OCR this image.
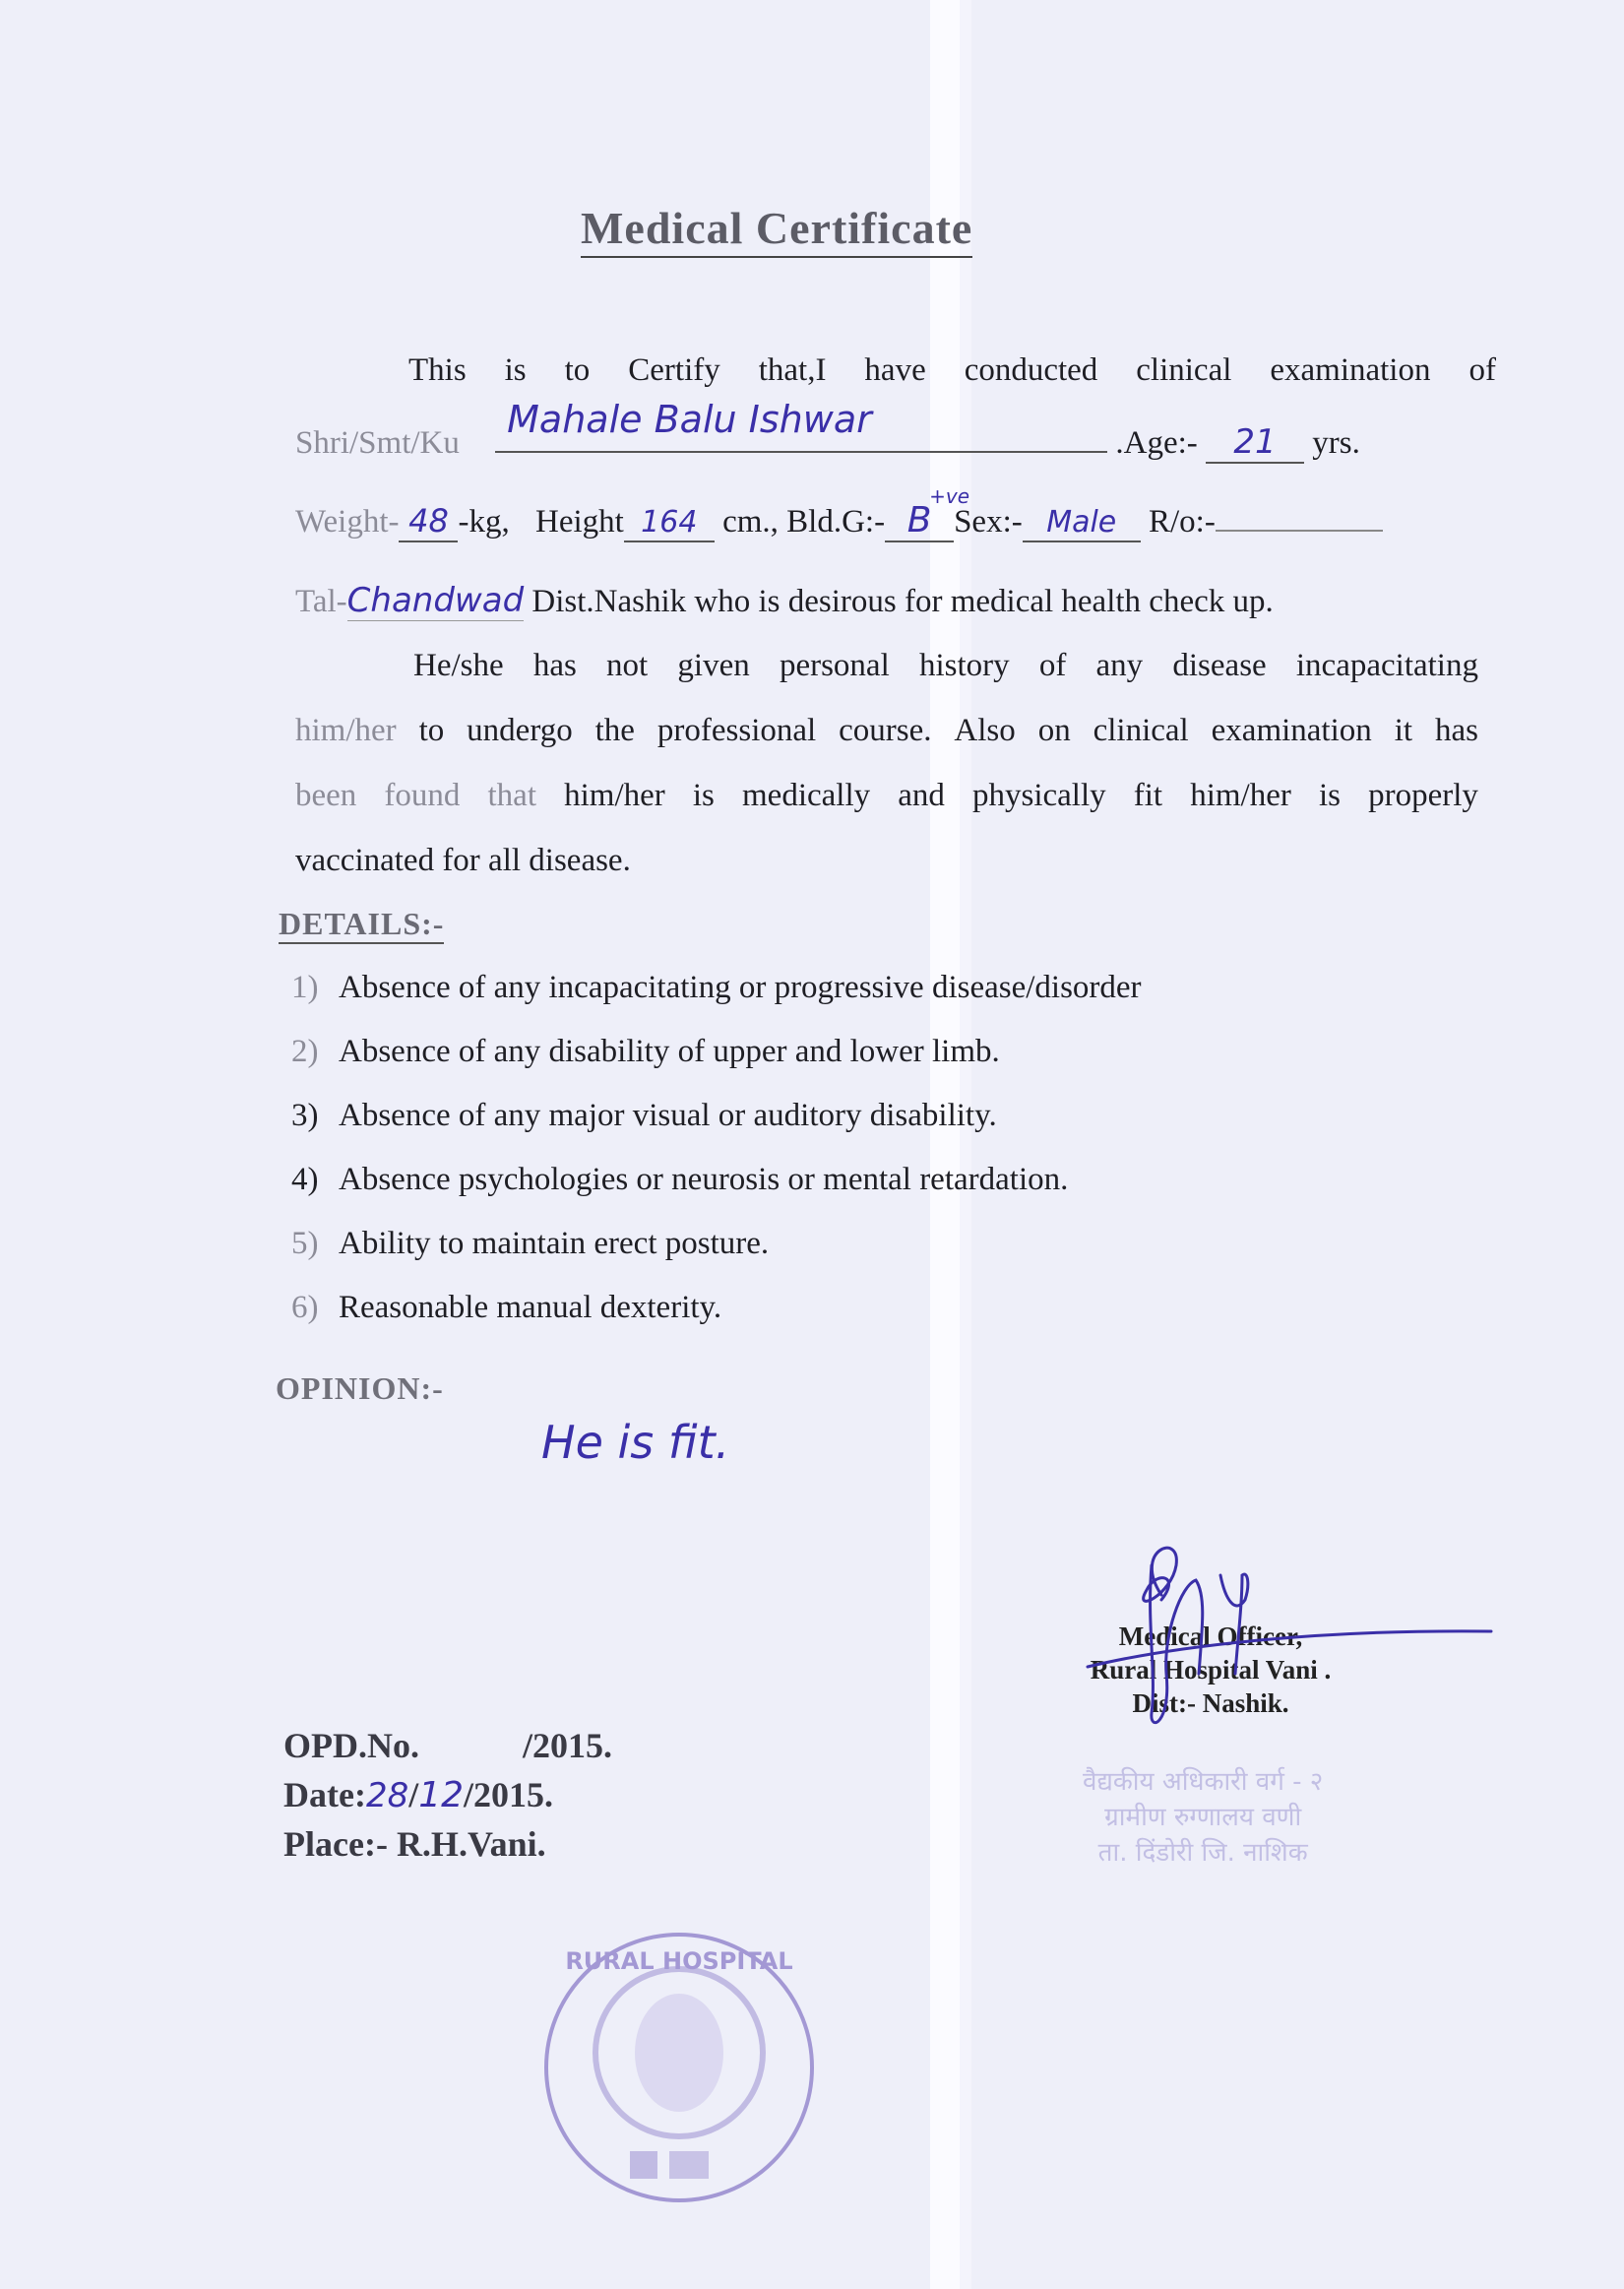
Medical Certificate
This is to Certify that,I have conducted clinical examination of
Shri/Smt/Ku
Mahale Balu Ishwar
.Age:- 21 yrs.
Weight- 48 -kg, Height 164 cm., Bld.G:- B
+ve
Sex:- Male R/o:-
Tal-Chandwad Dist.Nashik who is desirous for medical health check up.
He/she has not given personal history of any disease incapacitating
him/her to undergo the professional course. Also on clinical examination it has
been found that him/her is medically and physically fit him/her is properly
vaccinated for all disease.
DETAILS:-
1) Absence of any incapacitating or progressive disease/disorder
2) Absence of any disability of upper and lower limb.
3) Absence of any major visual or auditory disability.
4) Absence psychologies or neurosis or mental retardation.
5) Ability to maintain erect posture.
6) Reasonable manual dexterity.
OPINION:-
He is fit.
Medical Officer,
Rural Hospital Vani .
Dist:- Nashik.
वैद्यकीय अधिकारी वर्ग - २
ग्रामीण रुग्णालय वणी
ता. दिंडोरी जि. नाशिक
OPD.No.	/2015.
Date:28/12/2015.
Place:- R.H.Vani.
RURAL HOSPITAL
